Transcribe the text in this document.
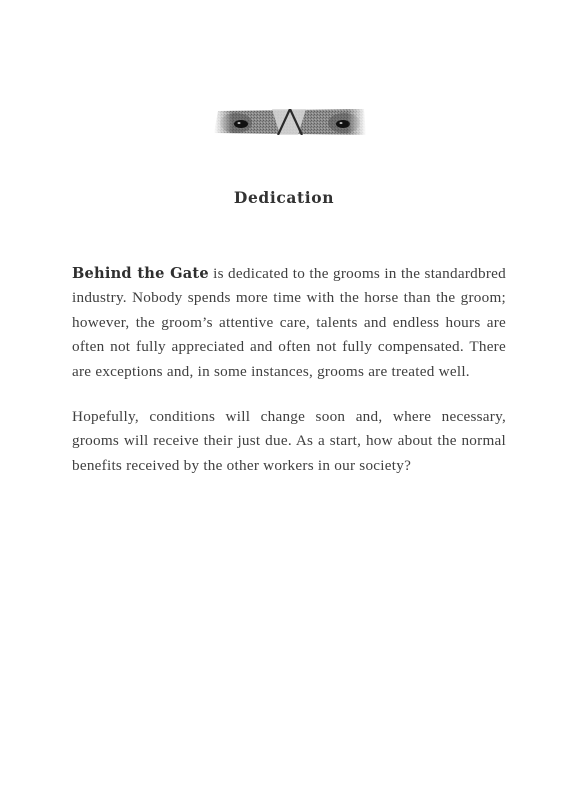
Dedication

Behind the Gate is dedicated to the grooms in the standardbred industry. Nobody spends more time with the horse than the groom; however, the groom’s attentive care, talents and endless hours are often not fully appreciated and often not fully compensated. There are exceptions and, in some instances, grooms are treated well.

Hopefully, conditions will change soon and, where necessary, grooms will receive their just due. As a start, how about the normal benefits received by the other workers in our society?
